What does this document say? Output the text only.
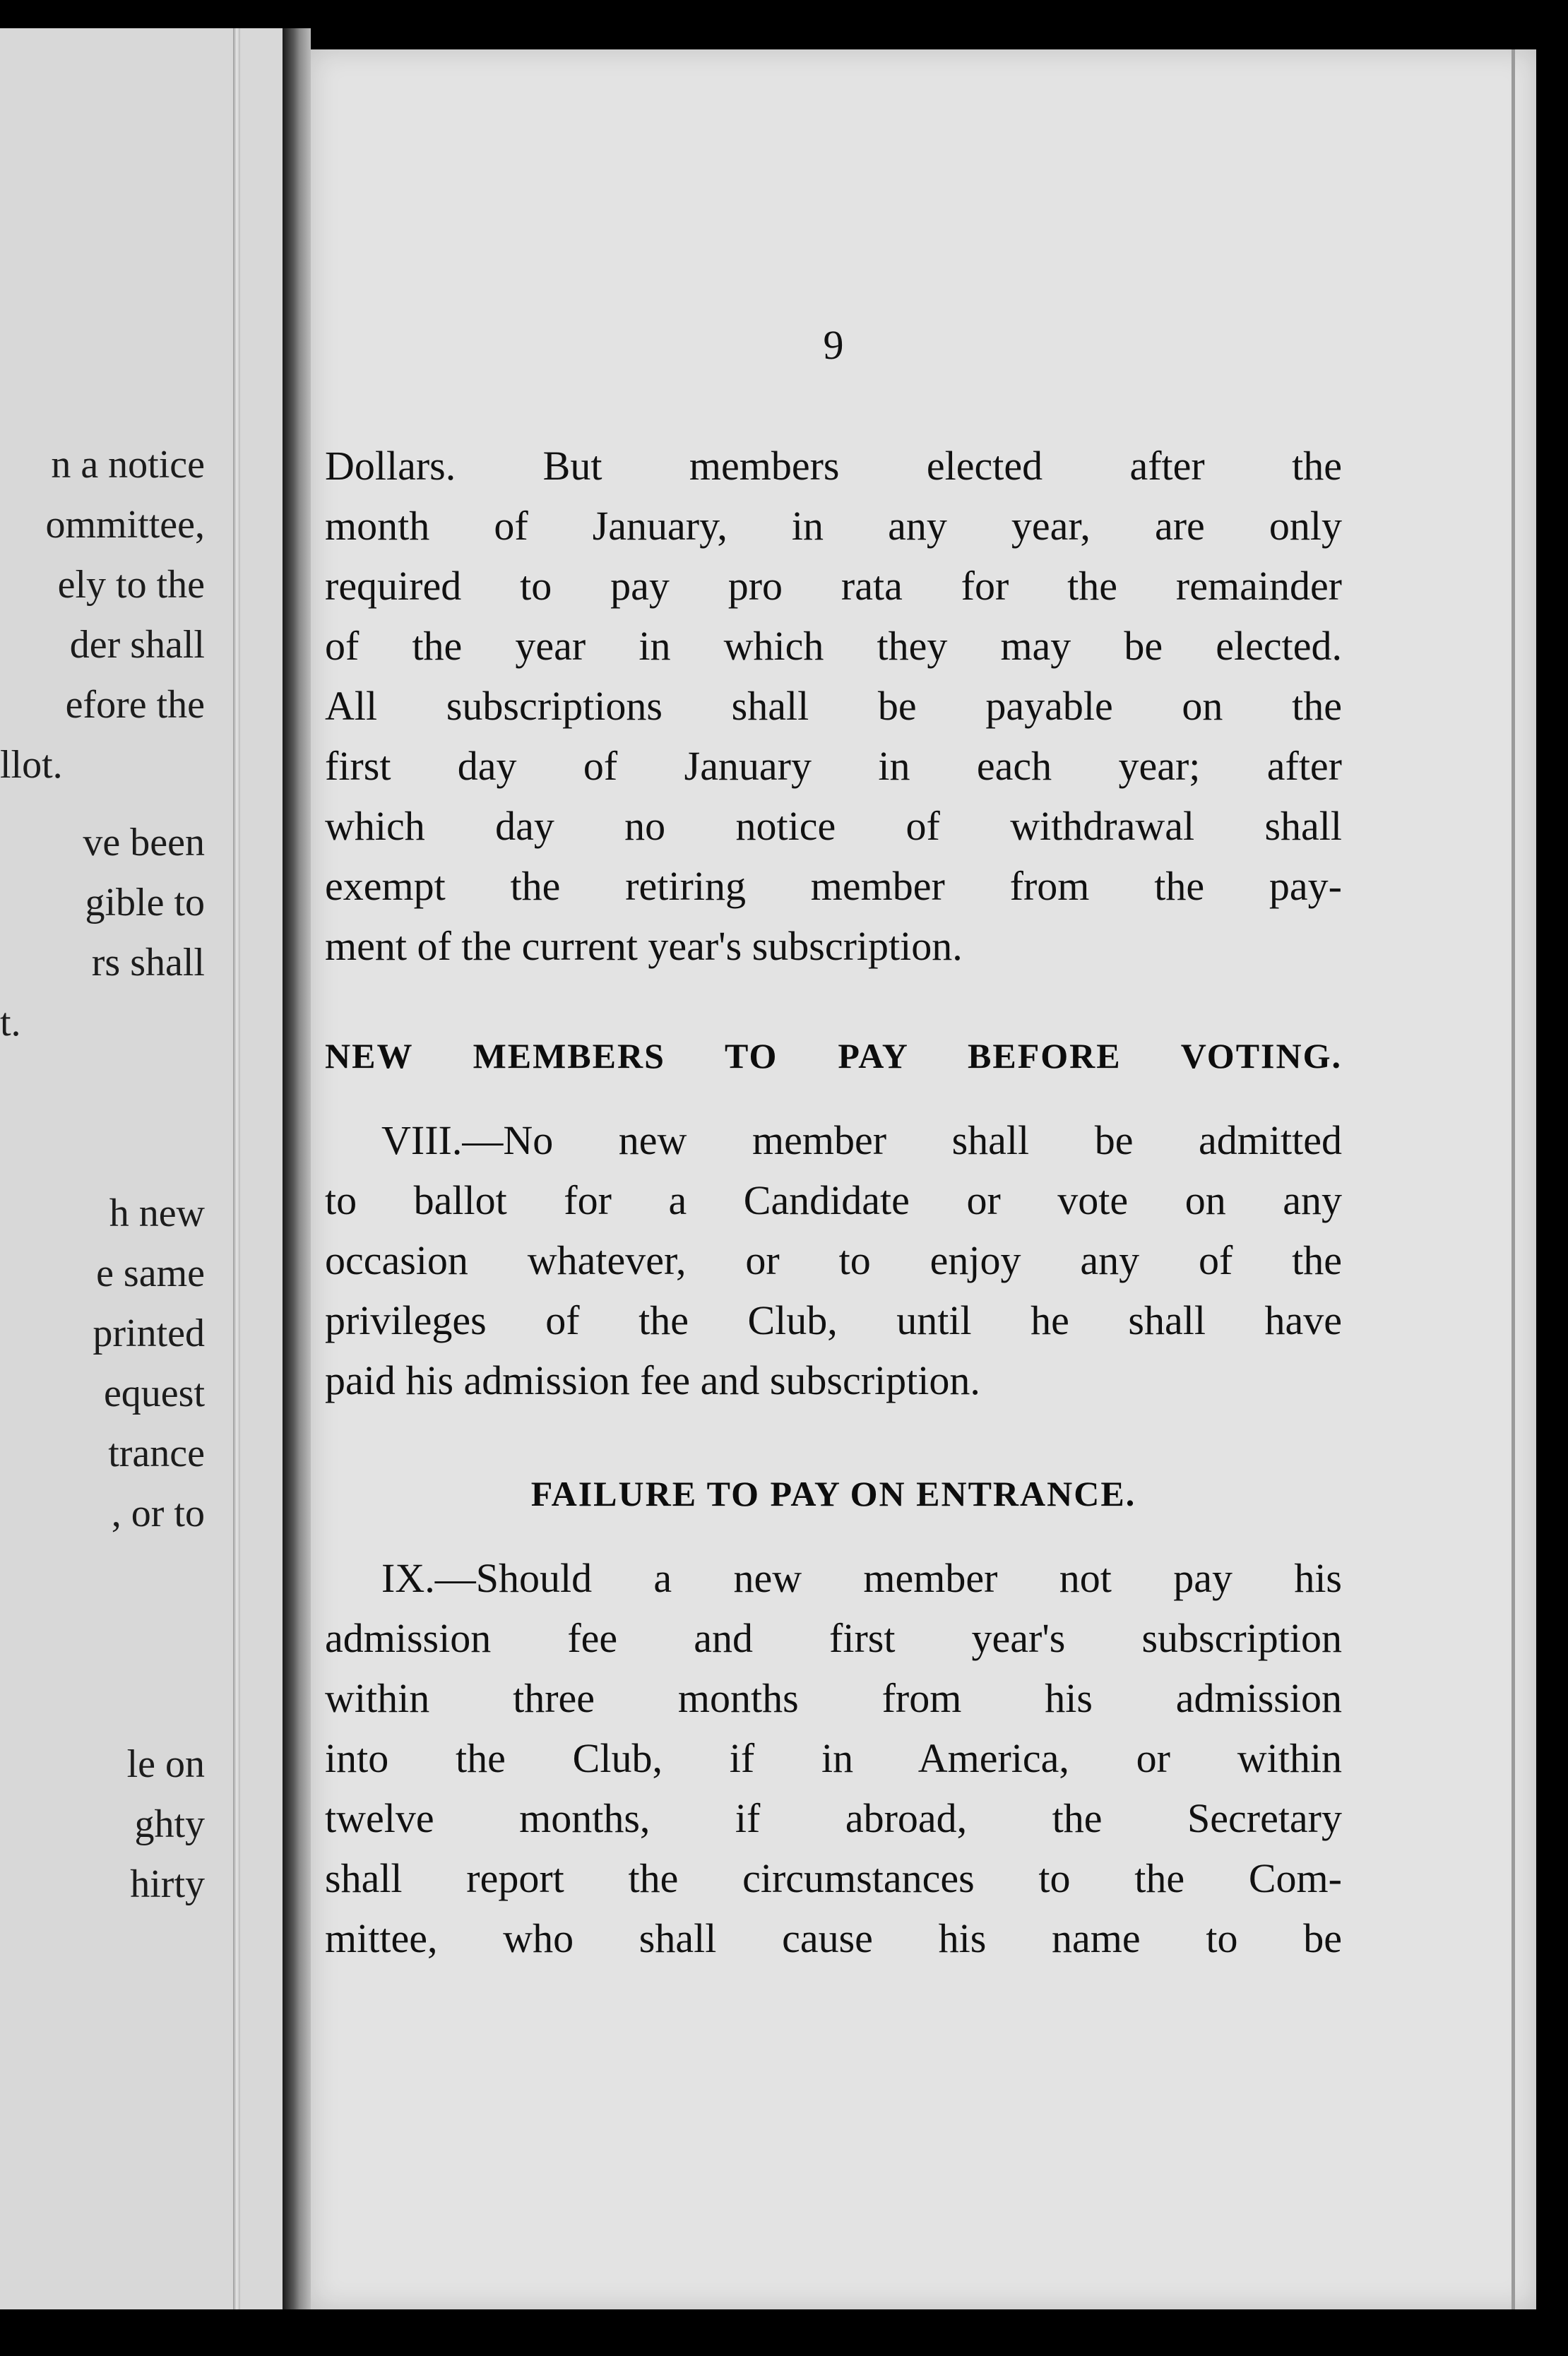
n a notice
ommittee,
ely to the
der shall
efore the
llot.
ve been
gible to
rs shall
t.
h new
e same
printed
equest
trance
, or to
le on
ghty
hirty
9
Dollars. But members elected after the
month of January, in any year, are only
required to pay pro rata for the remainder
of the year in which they may be elected.
All subscriptions shall be payable on the
first day of January in each year; after
which day no notice of withdrawal shall
exempt the retiring member from the pay-
ment of the current year's subscription.
NEW MEMBERS TO PAY BEFORE VOTING.
VIII.—No new member shall be admitted
to ballot for a Candidate or vote on any
occasion whatever, or to enjoy any of the
privileges of the Club, until he shall have
paid his admission fee and subscription.
FAILURE TO PAY ON ENTRANCE.
IX.—Should a new member not pay his
admission fee and first year's subscription
within three months from his admission
into the Club, if in America, or within
twelve months, if abroad, the Secretary
shall report the circumstances to the Com-
mittee, who shall cause his name to be
